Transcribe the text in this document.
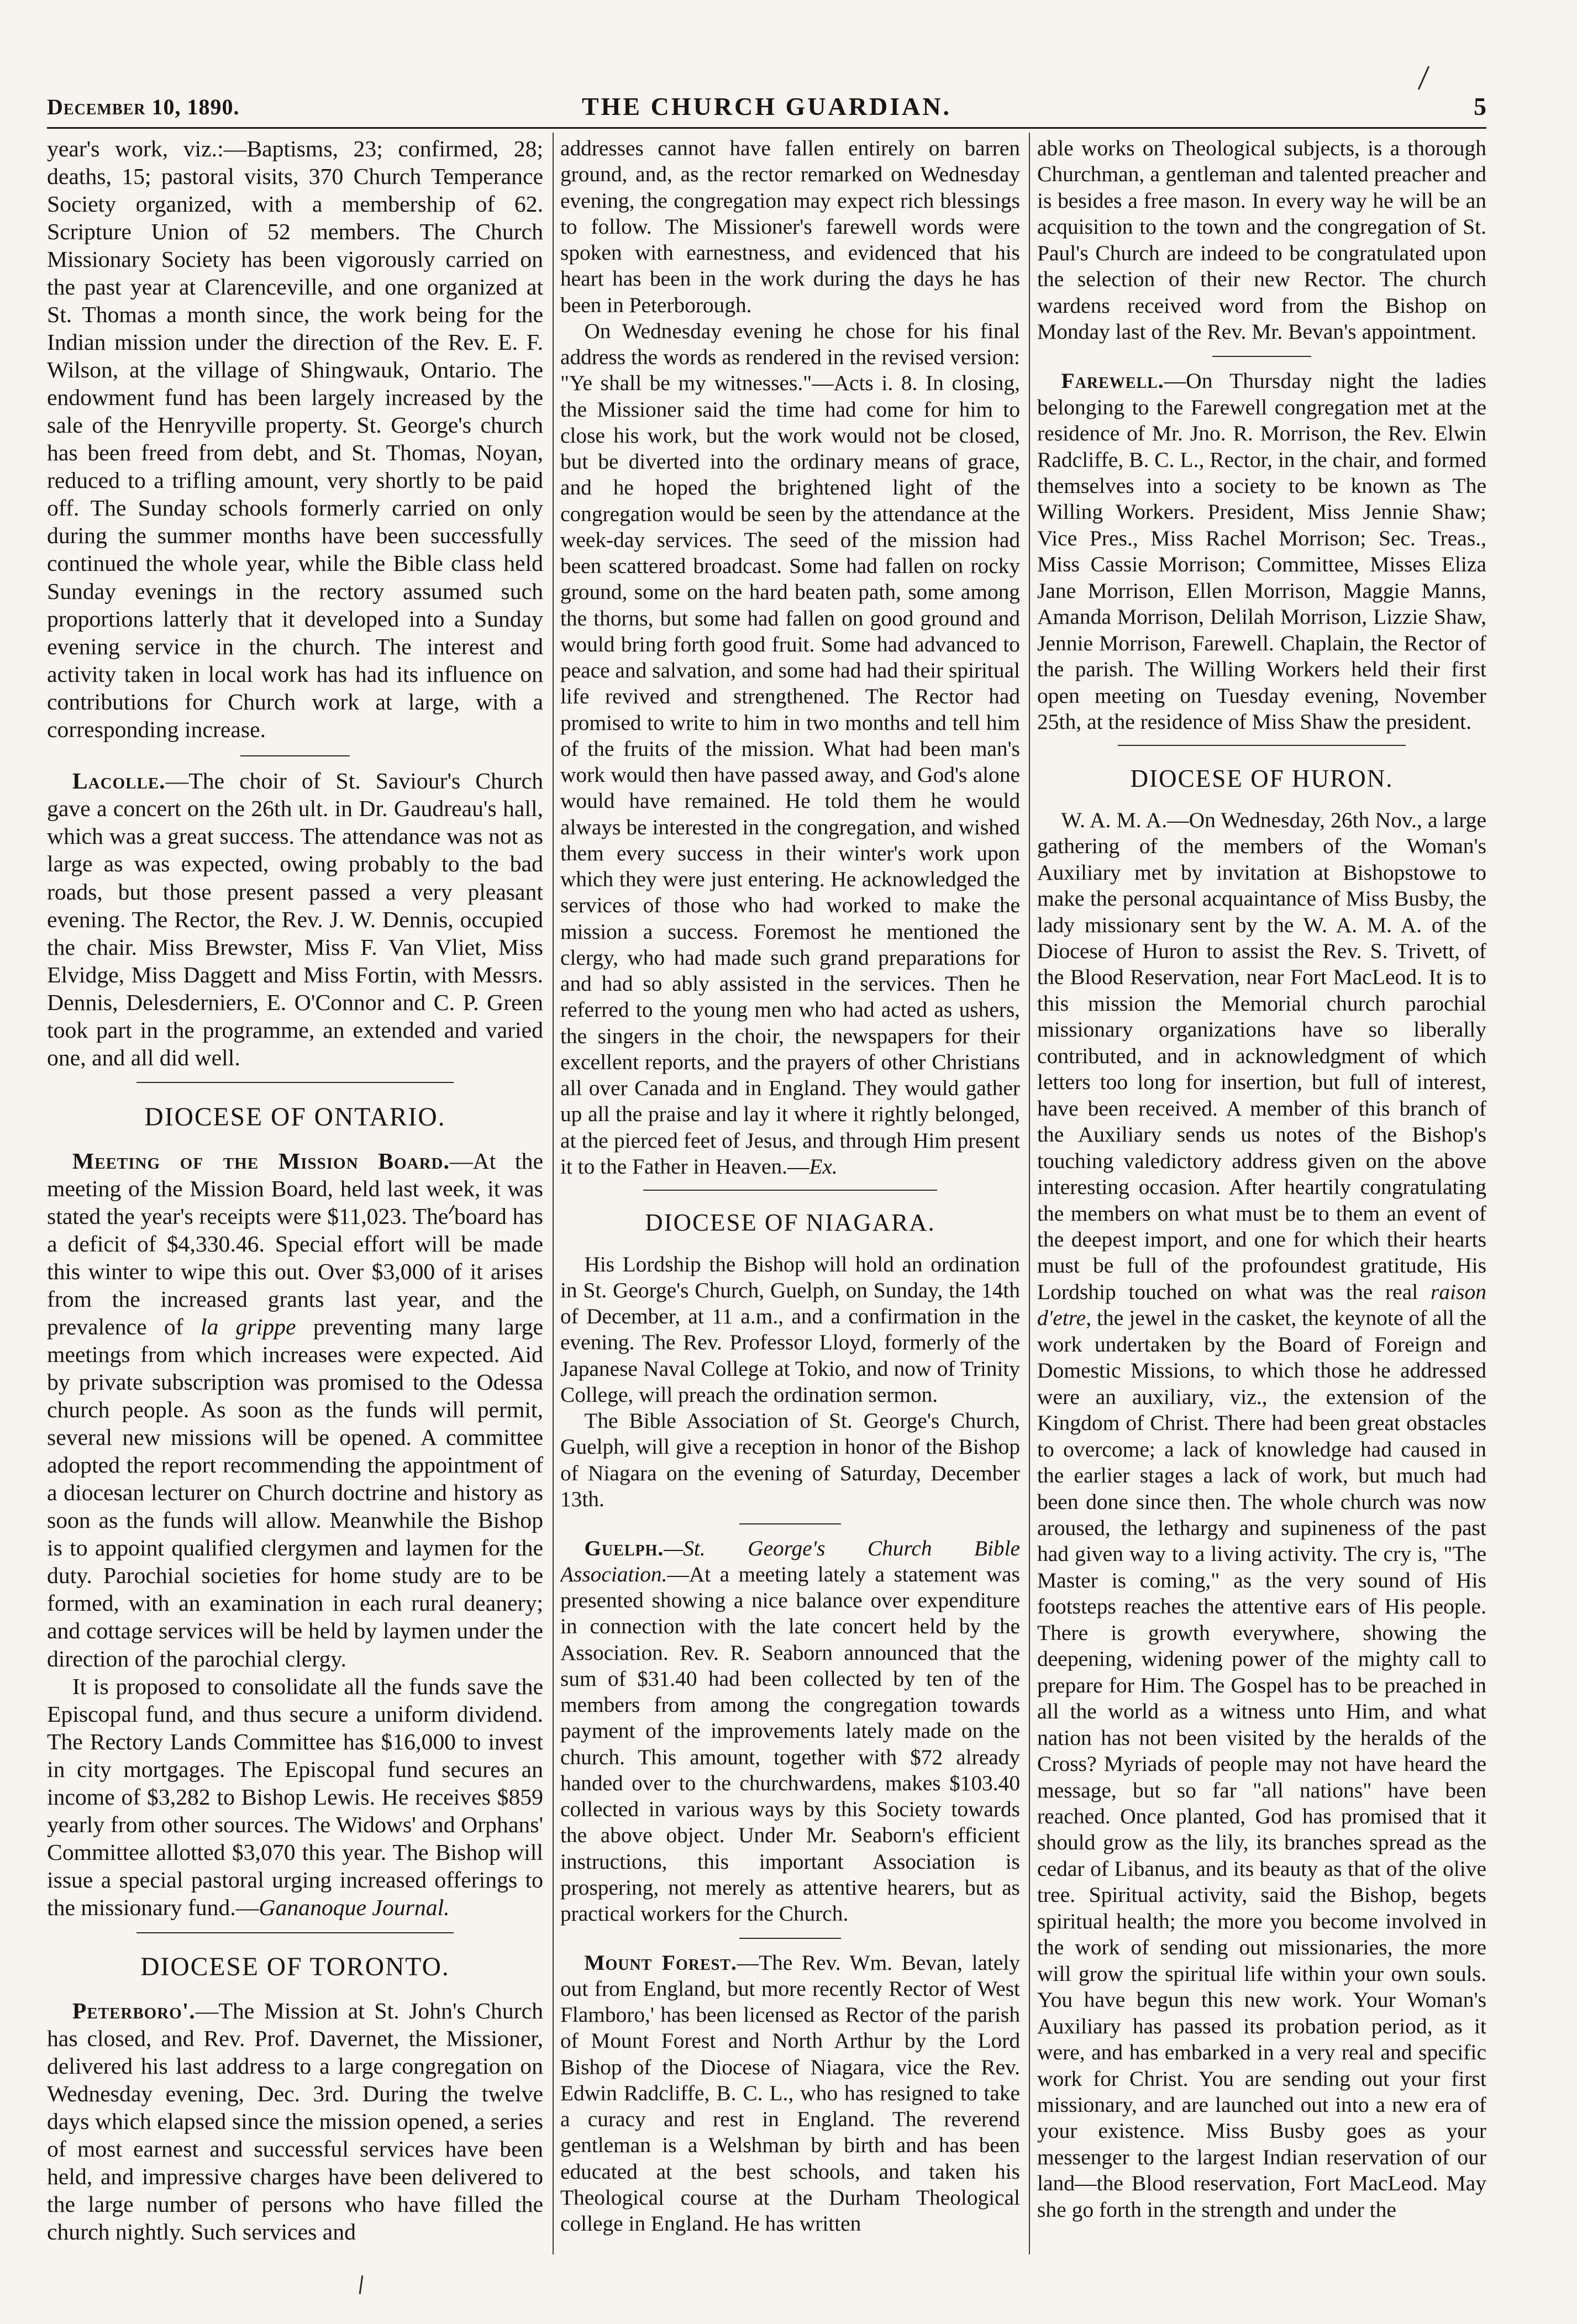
December 10, 1890.	THE CHURCH GUARDIAN.	5

year's work, viz.:—Baptisms, 23; confirmed, 28; deaths, 15; pastoral visits, 370 Church Temperance Society organized, with a membership of 62. Scripture Union of 52 members. The Church Missionary Society has been vigorously carried on the past year at Clarenceville, and one organized at St. Thomas a month since, the work being for the Indian mission under the direction of the Rev. E. F. Wilson, at the village of Shingwauk, Ontario. The endowment fund has been largely increased by the sale of the Henryville property. St. George's church has been freed from debt, and St. Thomas, Noyan, reduced to a trifling amount, very shortly to be paid off. The Sunday schools formerly carried on only during the summer months have been successfully continued the whole year, while the Bible class held Sunday evenings in the rectory assumed such proportions latterly that it developed into a Sunday evening service in the church. The interest and activity taken in local work has had its influence on contributions for Church work at large, with a corresponding increase.

Lacolle.—The choir of St. Saviour's Church gave a concert on the 26th ult. in Dr. Gaudreau's hall, which was a great success. The attendance was not as large as was expected, owing probably to the bad roads, but those present passed a very pleasant evening. The Rector, the Rev. J. W. Dennis, occupied the chair. Miss Brewster, Miss F. Van Vliet, Miss Elvidge, Miss Daggett and Miss Fortin, with Messrs. Dennis, Delesderniers, E. O'Connor and C. P. Green took part in the programme, an extended and varied one, and all did well.

DIOCESE OF ONTARIO.

Meeting of the Mission Board.—At the meeting of the Mission Board, held last week, it was stated the year's receipts were $11,023. The board has a deficit of $4,330.46. Special effort will be made this winter to wipe this out. Over $3,000 of it arises from the increased grants last year, and the prevalence of la grippe preventing many large meetings from which increases were expected. Aid by private subscription was promised to the Odessa church people. As soon as the funds will permit, several new missions will be opened. A committee adopted the report recommending the appointment of a diocesan lecturer on Church doctrine and history as soon as the funds will allow. Meanwhile the Bishop is to appoint qualified clergymen and laymen for the duty. Parochial societies for home study are to be formed, with an examination in each rural deanery; and cottage services will be held by laymen under the direction of the parochial clergy.

It is proposed to consolidate all the funds save the Episcopal fund, and thus secure a uniform dividend. The Rectory Lands Committee has $16,000 to invest in city mortgages. The Episcopal fund secures an income of $3,282 to Bishop Lewis. He receives $859 yearly from other sources. The Widows' and Orphans' Committee allotted $3,070 this year. The Bishop will issue a special pastoral urging increased offerings to the missionary fund.—Gananoque Journal.

DIOCESE OF TORONTO.

Peterboro'.—The Mission at St. John's Church has closed, and Rev. Prof. Davernet, the Missioner, delivered his last address to a large congregation on Wednesday evening, Dec. 3rd. During the twelve days which elapsed since the mission opened, a series of most earnest and successful services have been held, and impressive charges have been delivered to the large number of persons who have filled the church nightly. Such services and

addresses cannot have fallen entirely on barren ground, and, as the rector remarked on Wednesday evening, the congregation may expect rich blessings to follow. The Missioner's farewell words were spoken with earnestness, and evidenced that his heart has been in the work during the days he has been in Peterborough.

On Wednesday evening he chose for his final address the words as rendered in the revised version: "Ye shall be my witnesses."—Acts i. 8. In closing, the Missioner said the time had come for him to close his work, but the work would not be closed, but be diverted into the ordinary means of grace, and he hoped the brightened light of the congregation would be seen by the attendance at the week-day services. The seed of the mission had been scattered broadcast. Some had fallen on rocky ground, some on the hard beaten path, some among the thorns, but some had fallen on good ground and would bring forth good fruit. Some had advanced to peace and salvation, and some had had their spiritual life revived and strengthened. The Rector had promised to write to him in two months and tell him of the fruits of the mission. What had been man's work would then have passed away, and God's alone would have remained. He told them he would always be interested in the congregation, and wished them every success in their winter's work upon which they were just entering. He acknowledged the services of those who had worked to make the mission a success. Foremost he mentioned the clergy, who had made such grand preparations for and had so ably assisted in the services. Then he referred to the young men who had acted as ushers, the singers in the choir, the newspapers for their excellent reports, and the prayers of other Christians all over Canada and in England. They would gather up all the praise and lay it where it rightly belonged, at the pierced feet of Jesus, and through Him present it to the Father in Heaven.—Ex.

DIOCESE OF NIAGARA.

His Lordship the Bishop will hold an ordination in St. George's Church, Guelph, on Sunday, the 14th of December, at 11 a.m., and a confirmation in the evening. The Rev. Professor Lloyd, formerly of the Japanese Naval College at Tokio, and now of Trinity College, will preach the ordination sermon.

The Bible Association of St. George's Church, Guelph, will give a reception in honor of the Bishop of Niagara on the evening of Saturday, December 13th.

Guelph.—St. George's Church Bible Association.—At a meeting lately a statement was presented showing a nice balance over expenditure in connection with the late concert held by the Association. Rev. R. Seaborn announced that the sum of $31.40 had been collected by ten of the members from among the congregation towards payment of the improvements lately made on the church. This amount, together with $72 already handed over to the churchwardens, makes $103.40 collected in various ways by this Society towards the above object. Under Mr. Seaborn's efficient instructions, this important Association is prospering, not merely as attentive hearers, but as practical workers for the Church.

Mount Forest.—The Rev. Wm. Bevan, lately out from England, but more recently Rector of West Flamboro,' has been licensed as Rector of the parish of Mount Forest and North Arthur by the Lord Bishop of the Diocese of Niagara, vice the Rev. Edwin Radcliffe, B. C. L., who has resigned to take a curacy and rest in England. The reverend gentleman is a Welshman by birth and has been educated at the best schools, and taken his Theological course at the Durham Theological college in England. He has written

able works on Theological subjects, is a thorough Churchman, a gentleman and talented preacher and is besides a free mason. In every way he will be an acquisition to the town and the congregation of St. Paul's Church are indeed to be congratulated upon the selection of their new Rector. The church wardens received word from the Bishop on Monday last of the Rev. Mr. Bevan's appointment.

Farewell.—On Thursday night the ladies belonging to the Farewell congregation met at the residence of Mr. Jno. R. Morrison, the Rev. Elwin Radcliffe, B. C. L., Rector, in the chair, and formed themselves into a society to be known as The Willing Workers. President, Miss Jennie Shaw; Vice Pres., Miss Rachel Morrison; Sec. Treas., Miss Cassie Morrison; Committee, Misses Eliza Jane Morrison, Ellen Morrison, Maggie Manns, Amanda Morrison, Delilah Morrison, Lizzie Shaw, Jennie Morrison, Farewell. Chaplain, the Rector of the parish. The Willing Workers held their first open meeting on Tuesday evening, November 25th, at the residence of Miss Shaw the president.

DIOCESE OF HURON.

W. A. M. A.—On Wednesday, 26th Nov., a large gathering of the members of the Woman's Auxiliary met by invitation at Bishopstowe to make the personal acquaintance of Miss Busby, the lady missionary sent by the W. A. M. A. of the Diocese of Huron to assist the Rev. S. Trivett, of the Blood Reservation, near Fort MacLeod. It is to this mission the Memorial church parochial missionary organizations have so liberally contributed, and in acknowledgment of which letters too long for insertion, but full of interest, have been received. A member of this branch of the Auxiliary sends us notes of the Bishop's touching valedictory address given on the above interesting occasion. After heartily congratulating the members on what must be to them an event of the deepest import, and one for which their hearts must be full of the profoundest gratitude, His Lordship touched on what was the real raison d'etre, the jewel in the casket, the keynote of all the work undertaken by the Board of Foreign and Domestic Missions, to which those he addressed were an auxiliary, viz., the extension of the Kingdom of Christ. There had been great obstacles to overcome; a lack of knowledge had caused in the earlier stages a lack of work, but much had been done since then. The whole church was now aroused, the lethargy and supineness of the past had given way to a living activity. The cry is, "The Master is coming," as the very sound of His footsteps reaches the attentive ears of His people. There is growth everywhere, showing the deepening, widening power of the mighty call to prepare for Him. The Gospel has to be preached in all the world as a witness unto Him, and what nation has not been visited by the heralds of the Cross? Myriads of people may not have heard the message, but so far "all nations" have been reached. Once planted, God has promised that it should grow as the lily, its branches spread as the cedar of Libanus, and its beauty as that of the olive tree. Spiritual activity, said the Bishop, begets spiritual health; the more you become involved in the work of sending out missionaries, the more will grow the spiritual life within your own souls. You have begun this new work. Your Woman's Auxiliary has passed its probation period, as it were, and has embarked in a very real and specific work for Christ. You are sending out your first missionary, and are launched out into a new era of your existence. Miss Busby goes as your messenger to the largest Indian reservation of our land—the Blood reservation, Fort MacLeod. May she go forth in the strength and under the
